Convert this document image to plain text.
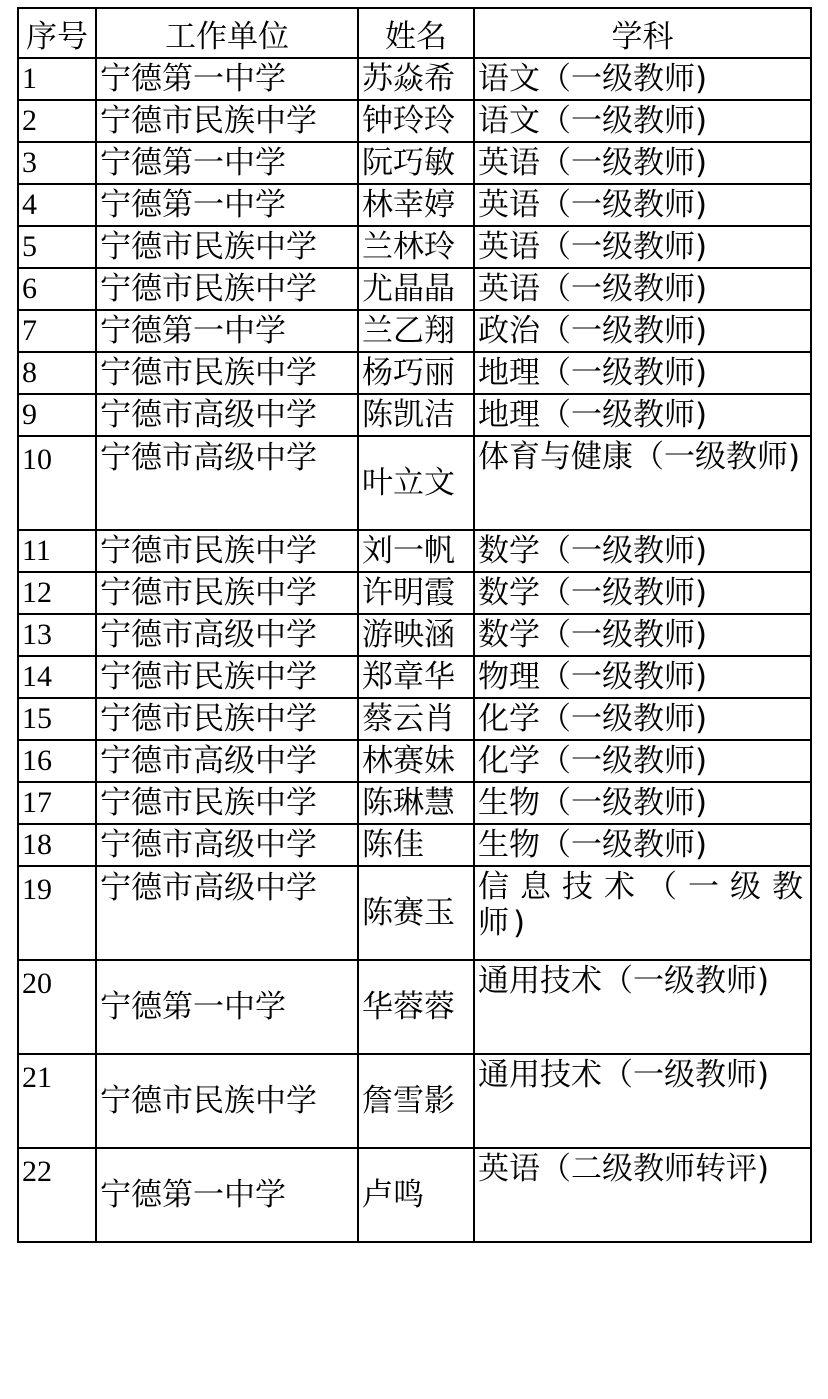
序号	工作单位	姓名	学科
1	宁德第一中学	苏焱希	语文（一级教师)
2	宁德市民族中学	钟玲玲	语文（一级教师)
3	宁德第一中学	阮巧敏	英语（一级教师)
4	宁德第一中学	林幸婷	英语（一级教师)
5	宁德市民族中学	兰林玲	英语（一级教师)
6	宁德市民族中学	尤晶晶	英语（一级教师)
7	宁德第一中学	兰乙翔	政治（一级教师)
8	宁德市民族中学	杨巧丽	地理（一级教师)
9	宁德市高级中学	陈凯洁	地理（一级教师)
10	宁德市高级中学	叶立文	体育与健康（一级教师)
11	宁德市民族中学	刘一帆	数学（一级教师)
12	宁德市民族中学	许明霞	数学（一级教师)
13	宁德市高级中学	游映涵	数学（一级教师)
14	宁德市民族中学	郑章华	物理（一级教师)
15	宁德市民族中学	蔡云肖	化学（一级教师)
16	宁德市高级中学	林赛妹	化学（一级教师)
17	宁德市民族中学	陈琳慧	生物（一级教师)
18	宁德市高级中学	陈佳	生物（一级教师)
19	宁德市高级中学	陈赛玉	信息技术（一级教师)
20	宁德第一中学	华蓉蓉	通用技术（一级教师)
21	宁德市民族中学	詹雪影	通用技术（一级教师)
22	宁德第一中学	卢鸣	英语（二级教师转评)
